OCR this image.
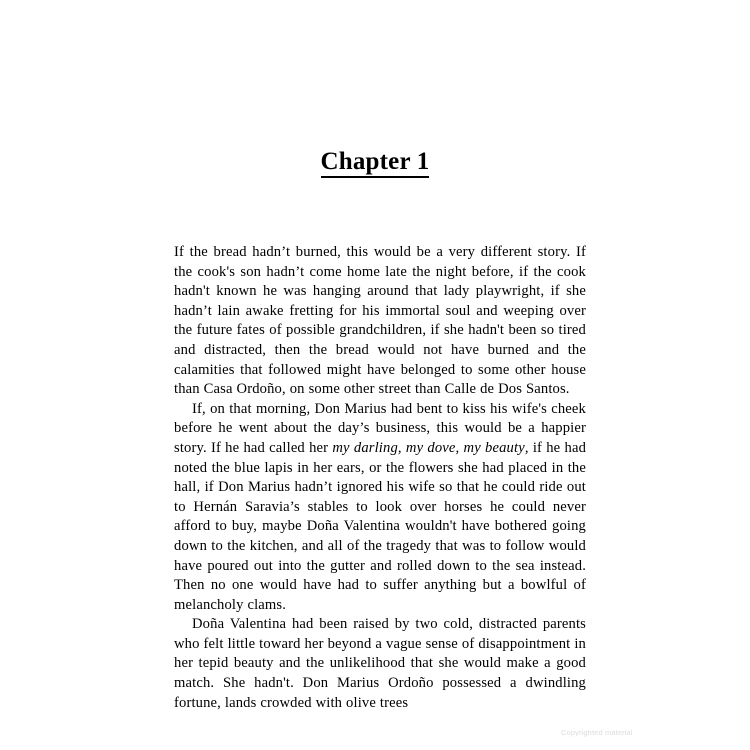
Chapter 1

If the bread hadn’t burned, this would be a very different story. If the cook's son hadn’t come home late the night before, if the cook hadn't known he was hanging around that lady playwright, if she hadn’t lain awake fretting for his immortal soul and weeping over the future fates of possible grandchildren, if she hadn't been so tired and distracted, then the bread would not have burned and the calamities that followed might have belonged to some other house than Casa Ordoño, on some other street than Calle de Dos Santos.

If, on that morning, Don Marius had bent to kiss his wife's cheek before he went about the day’s business, this would be a happier story. If he had called her my darling, my dove, my beauty, if he had noted the blue lapis in her ears, or the flowers she had placed in the hall, if Don Marius hadn’t ignored his wife so that he could ride out to Hernán Saravia’s stables to look over horses he could never afford to buy, maybe Doña Valentina wouldn't have bothered going down to the kitchen, and all of the tragedy that was to follow would have poured out into the gutter and rolled down to the sea instead. Then no one would have had to suffer anything but a bowlful of melancholy clams.

Doña Valentina had been raised by two cold, distracted parents who felt little toward her beyond a vague sense of disappointment in her tepid beauty and the unlikelihood that she would make a good match. She hadn't. Don Marius Ordoño possessed a dwindling fortune, lands crowded with olive trees

Copyrighted material
